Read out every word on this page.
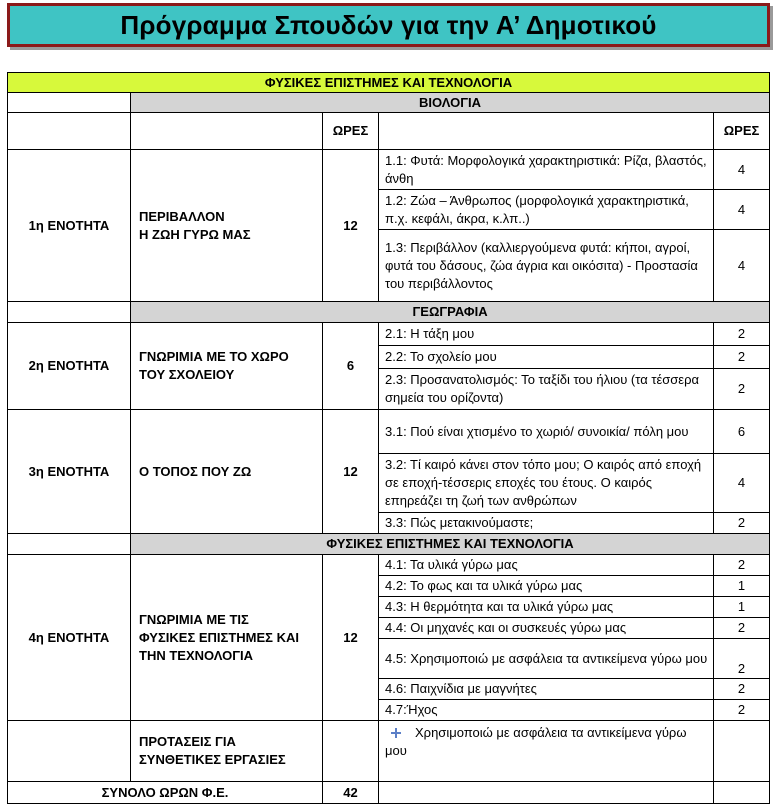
Πρόγραμμα Σπουδών για την Α’ Δημοτικού
ΦΥΣΙΚΕΣ ΕΠΙΣΤΗΜΕΣ ΚΑΙ ΤΕΧΝΟΛΟΓΙΑ				
	ΒΙΟΛΟΓΙΑ			
		ΩΡΕΣ		ΩΡΕΣ
1η ΕΝΟΤΗΤΑ	ΠΕΡΙΒΑΛΛΟΝ
Η ΖΩΗ ΓΥΡΩ ΜΑΣ	12	1.1: Φυτά: Μορφολογικά χαρακτηριστικά: Ρίζα, βλαστός, άνθη	4
			1.2: Ζώα – Άνθρωπος (μορφολογικά χαρακτηριστικά, π.χ. κεφάλι, άκρα, κ.λπ..)	4
			1.3: Περιβάλλον (καλλιεργούμενα φυτά: κήποι, αγροί, φυτά του δάσους, ζώα άγρια και οικόσιτα) - Προστασία του περιβάλλοντος	4
	ΓΕΩΓΡΑΦΙΑ			
2η ΕΝΟΤΗΤΑ	ΓΝΩΡΙΜΙΑ ΜΕ ΤΟ ΧΩΡΟ
ΤΟΥ ΣΧΟΛΕΙΟΥ	6	2.1: Η τάξη μου	2
			2.2: Το σχολείο μου	2
			2.3: Προσανατολισμός: Το ταξίδι του ήλιου (τα τέσσερα σημεία του ορίζοντα)	2
3η ΕΝΟΤΗΤΑ	Ο ΤΟΠΟΣ ΠΟΥ ΖΩ	12	3.1: Πού είναι χτισμένο το χωριό/ συνοικία/ πόλη μου	6
			3.2: Τί καιρό κάνει στον τόπο μου; Ο καιρός από εποχή σε εποχή-τέσσερις εποχές του έτους. Ο καιρός επηρεάζει τη ζωή των ανθρώπων	4
			3.3: Πώς μετακινούμαστε;	2
	ΦΥΣΙΚΕΣ ΕΠΙΣΤΗΜΕΣ ΚΑΙ ΤΕΧΝΟΛΟΓΙΑ			
4η ΕΝΟΤΗΤΑ	ΓΝΩΡΙΜΙΑ ΜΕ ΤΙΣ
ΦΥΣΙΚΕΣ ΕΠΙΣΤΗΜΕΣ ΚΑΙ
ΤΗΝ ΤΕΧΝΟΛΟΓΙΑ	12	4.1: Τα υλικά γύρω μας	2
			4.2: Το φως και τα υλικά γύρω μας	1
			4.3: Η θερμότητα και τα υλικά γύρω μας	1
			4.4: Οι μηχανές και οι συσκευές γύρω μας	2
			4.5: Χρησιμοποιώ με ασφάλεια τα αντικείμενα γύρω μου	2
			4.6: Παιχνίδια με μαγνήτες	2
			4.7:Ήχος	2

	ΠΡΟΤΑΣΕΙΣ ΓΙΑ
ΣΥΝΘΕΤΙΚΕΣ ΕΡΓΑΣΙΕΣ		Χρησιμοποιώ με ασφάλεια τα αντικείμενα γύρω μου	
ΣΥΝΟΛΟ ΩΡΩΝ Φ.Ε.		42		
